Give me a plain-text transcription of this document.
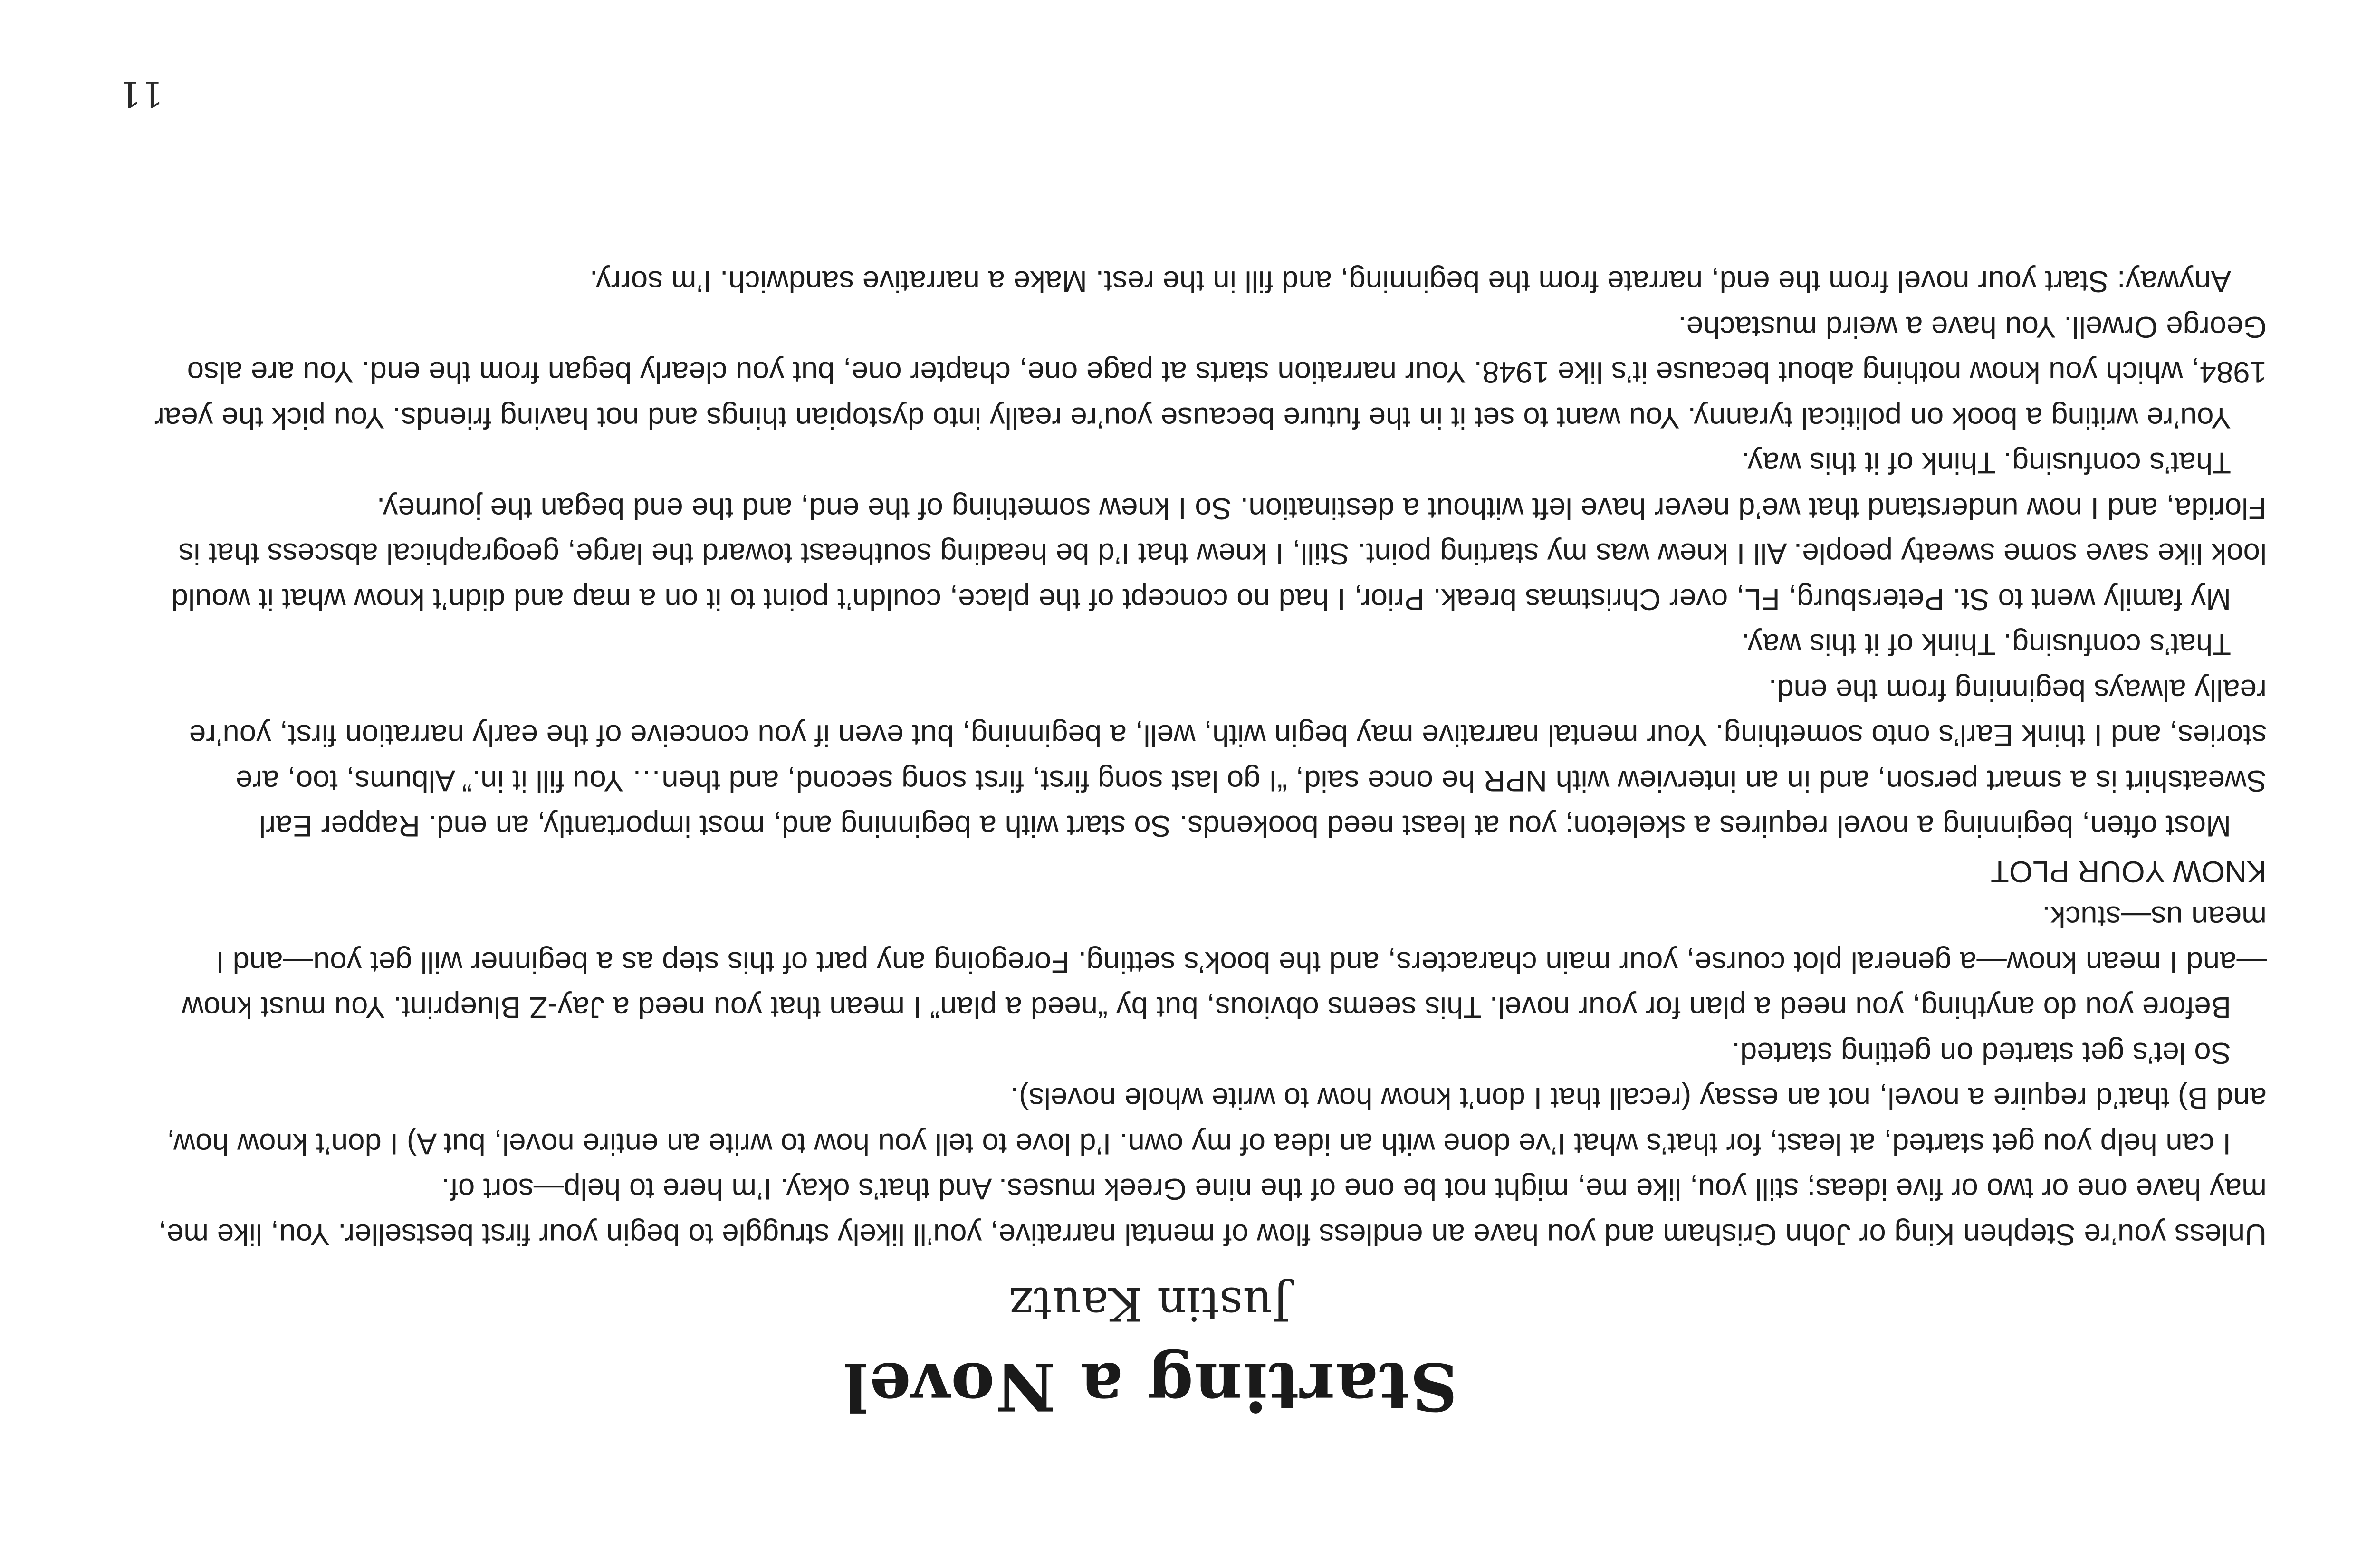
11
Starting a Novel
Justin Kautz

Unless you’re Stephen King or John Grisham and you have an endless flow of mental narrative, you’ll likely struggle to begin your first bestseller. You, like me, may have one or two or five ideas; still you, like me, might not be one of the nine Greek muses. And that’s okay. I’m here to help—sort of.

I can help you get started, at least, for that’s what I’ve done with an idea of my own. I’d love to tell you how to write an entire novel, but A) I don’t know how, and B) that’d require a novel, not an essay (recall that I don’t know how to write whole novels).

So let’s get started on getting started.

Before you do anything, you need a plan for your novel. This seems obvious, but by “need a plan” I mean that you need a Jay-Z Blueprint. You must know—and I mean know—a general plot course, your main characters, and the book’s setting. Foregoing any part of this step as a beginner will get you—and I mean us—stuck.

KNOW YOUR PLOT

Most often, beginning a novel requires a skeleton; you at least need bookends. So start with a beginning and, most importantly, an end. Rapper Earl Sweatshirt is a smart person, and in an interview with NPR he once said, “I go last song first, first song second, and then… You fill it in.” Albums, too, are stories, and I think Earl’s onto something. Your mental narrative may begin with, well, a beginning, but even if you conceive of the early narration first, you’re really always beginning from the end.

That’s confusing. Think of it this way.

My family went to St. Petersburg, FL, over Christmas break. Prior, I had no concept of the place, couldn’t point to it on a map and didn’t know what it would look like save some sweaty people. All I knew was my starting point. Still, I knew that I’d be heading southeast toward the large, geographical abscess that is Florida, and I now understand that we’d never have left without a destination. So I knew something of the end, and the end began the journey.

That’s confusing. Think of it this way.

You’re writing a book on political tyranny. You want to set it in the future because you’re really into dystopian things and not having friends. You pick the year 1984, which you know nothing about because it’s like 1948. Your narration starts at page one, chapter one, but you clearly began from the end. You are also George Orwell. You have a weird mustache.

Anyway: Start your novel from the end, narrate from the beginning, and fill in the rest. Make a narrative sandwich. I’m sorry.
